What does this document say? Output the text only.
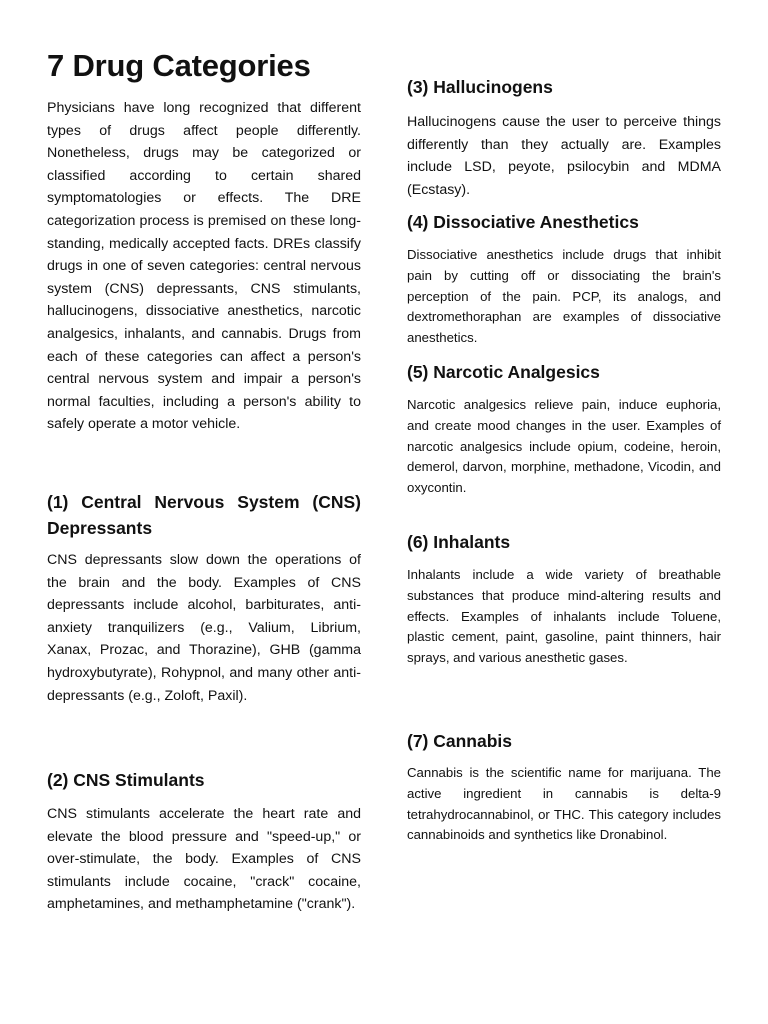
7 Drug Categories

Physicians have long recognized that different types of drugs affect people differently. Nonetheless, drugs may be categorized or classified according to certain shared symptomatologies or effects. The DRE categorization process is premised on these long-standing, medically accepted facts. DREs classify drugs in one of seven categories: central nervous system (CNS) depressants, CNS stimulants, hallucinogens, dissociative anesthetics, narcotic analgesics, inhalants, and cannabis. Drugs from each of these categories can affect a person's central nervous system and impair a person's normal faculties, including a person's ability to safely operate a motor vehicle.

(1) Central Nervous System (CNS) Depressants

CNS depressants slow down the operations of the brain and the body. Examples of CNS depressants include alcohol, barbiturates, anti-anxiety tranquilizers (e.g., Valium, Librium, Xanax, Prozac, and Thorazine), GHB (gamma hydroxybutyrate), Rohypnol, and many other anti-depressants (e.g., Zoloft, Paxil).

(2) CNS Stimulants

CNS stimulants accelerate the heart rate and elevate the blood pressure and "speed-up," or over-stimulate, the body. Examples of CNS stimulants include cocaine, "crack" cocaine, amphetamines, and methamphetamine ("crank").

(3) Hallucinogens

Hallucinogens cause the user to perceive things differently than they actually are. Examples include LSD, peyote, psilocybin and MDMA (Ecstasy).

(4) Dissociative Anesthetics

Dissociative anesthetics include drugs that inhibit pain by cutting off or dissociating the brain's perception of the pain. PCP, its analogs, and dextromethoraphan are examples of dissociative anesthetics.

(5) Narcotic Analgesics

Narcotic analgesics relieve pain, induce euphoria, and create mood changes in the user. Examples of narcotic analgesics include opium, codeine, heroin, demerol, darvon, morphine, methadone, Vicodin, and oxycontin.

(6) Inhalants

Inhalants include a wide variety of breathable substances that produce mind-altering results and effects. Examples of inhalants include Toluene, plastic cement, paint, gasoline, paint thinners, hair sprays, and various anesthetic gases.

(7) Cannabis

Cannabis is the scientific name for marijuana. The active ingredient in cannabis is delta-9 tetrahydrocannabinol, or THC. This category includes cannabinoids and synthetics like Dronabinol.
